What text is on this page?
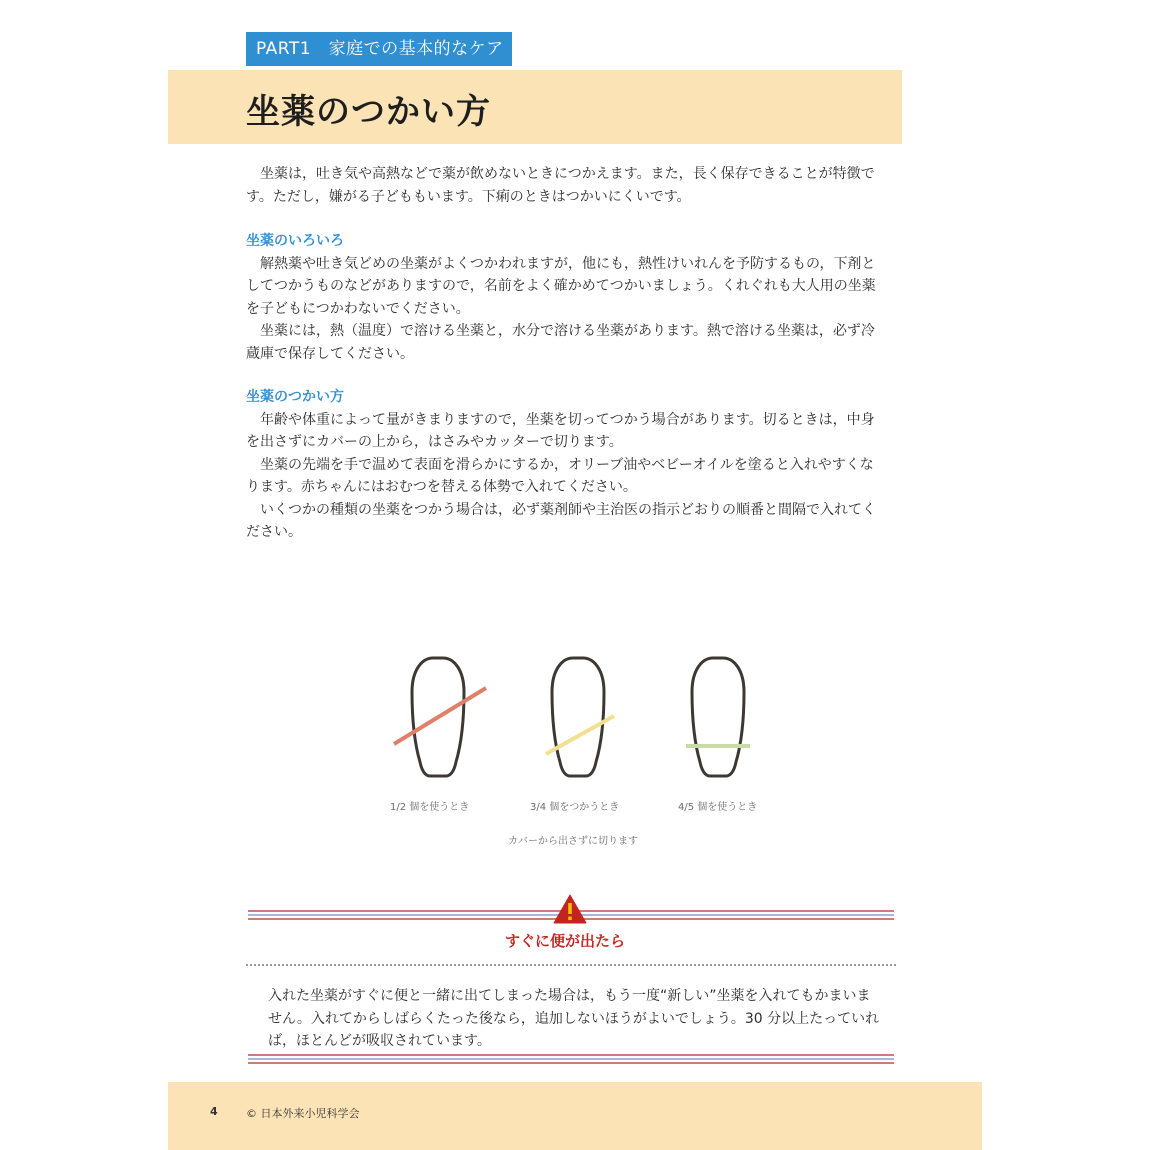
PART1　家庭での基本的なケア
坐薬のつかい方

坐薬は，吐き気や高熱などで薬が飲めないときにつかえます。また，長く保存できることが特徴です。ただし，嫌がる子どももいます。下痢のときはつかいにくいです。

坐薬のいろいろ

解熱薬や吐き気どめの坐薬がよくつかわれますが，他にも，熱性けいれんを予防するもの，下剤としてつかうものなどがありますので，名前をよく確かめてつかいましょう。くれぐれも大人用の坐薬を子どもにつかわないでください。

坐薬には，熱（温度）で溶ける坐薬と，水分で溶ける坐薬があります。熱で溶ける坐薬は，必ず冷蔵庫で保存してください。

坐薬のつかい方

年齢や体重によって量がきまりますので，坐薬を切ってつかう場合があります。切るときは，中身を出さずにカバーの上から，はさみやカッターで切ります。

坐薬の先端を手で温めて表面を滑らかにするか，オリーブ油やベビーオイルを塗ると入れやすくなります。赤ちゃんにはおむつを替える体勢で入れてください。

いくつかの種類の坐薬をつかう場合は，必ず薬剤師や主治医の指示どおりの順番と間隔で入れてください。

1/2 個を使うとき	3/4 個をつかうとき	4/5 個を使うとき
カバーから出さずに切ります
すぐに便が出たら

入れた坐薬がすぐに便と一緒に出てしまった場合は，もう一度“新しい”坐薬を入れてもかまいません。入れてからしばらくたった後なら，追加しないほうがよいでしょう。30 分以上たっていれば，ほとんどが吸収されています。

4	© 日本外来小児科学会
